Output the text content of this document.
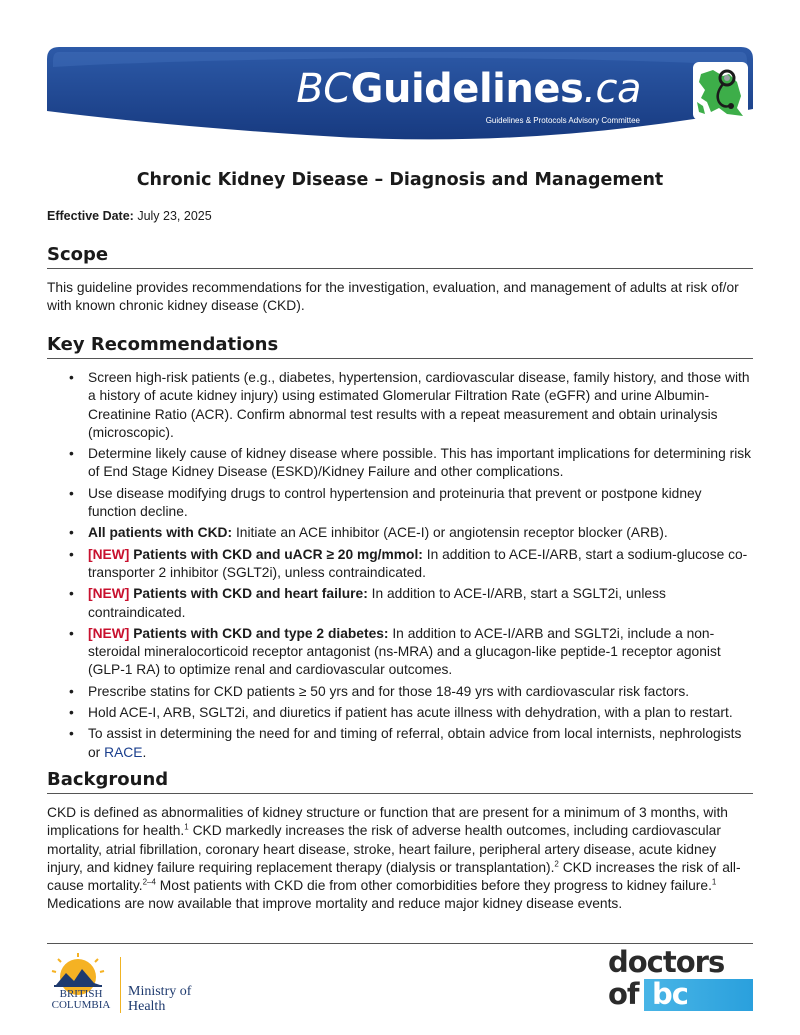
BCGuidelines.ca
Guidelines & Protocols Advisory Committee
Chronic Kidney Disease – Diagnosis and Management

Effective Date: July 23, 2025

Scope

This guideline provides recommendations for the investigation, evaluation, and management of adults at risk of/or with known chronic kidney disease (CKD).

Key Recommendations
• Screen high-risk patients (e.g., diabetes, hypertension, cardiovascular disease, family history, and those with a history of acute kidney injury) using estimated Glomerular Filtration Rate (eGFR) and urine Albumin-Creatinine Ratio (ACR). Confirm abnormal test results with a repeat measurement and obtain urinalysis (microscopic).
• Determine likely cause of kidney disease where possible. This has important implications for determining risk of End Stage Kidney Disease (ESKD)/Kidney Failure and other complications.
• Use disease modifying drugs to control hypertension and proteinuria that prevent or postpone kidney function decline.
• All patients with CKD: Initiate an ACE inhibitor (ACE-I) or angiotensin receptor blocker (ARB).
• [NEW] Patients with CKD and uACR ≥ 20 mg/mmol: In addition to ACE-I/ARB, start a sodium-glucose co-transporter 2 inhibitor (SGLT2i), unless contraindicated.
• [NEW] Patients with CKD and heart failure: In addition to ACE-I/ARB, start a SGLT2i, unless contraindicated.
• [NEW] Patients with CKD and type 2 diabetes: In addition to ACE-I/ARB and SGLT2i, include a non-steroidal mineralocorticoid receptor antagonist (ns-MRA) and a glucagon-like peptide-1 receptor agonist (GLP-1 RA) to optimize renal and cardiovascular outcomes.
• Prescribe statins for CKD patients ≥ 50 yrs and for those 18-49 yrs with cardiovascular risk factors.
• Hold ACE-I, ARB, SGLT2i, and diuretics if patient has acute illness with dehydration, with a plan to restart.
• To assist in determining the need for and timing of referral, obtain advice from local internists, nephrologists or RACE.
Background

CKD is defined as abnormalities of kidney structure or function that are present for a minimum of 3 months, with implications for health.$^1$ CKD markedly increases the risk of adverse health outcomes, including cardiovascular mortality, atrial fibrillation, coronary heart disease, stroke, heart failure, peripheral artery disease, acute kidney injury, and kidney failure requiring replacement therapy (dialysis or transplantation).$^2$ CKD increases the risk of all-cause mortality.$^{2-4}$ Most patients with CKD die from other comorbidities before they progress to kidney failure.$^1$ Medications are now available that improve mortality and reduce major kidney disease events.

BRITISH
COLUMBIA
Ministry of
Health
doctors
of bc
